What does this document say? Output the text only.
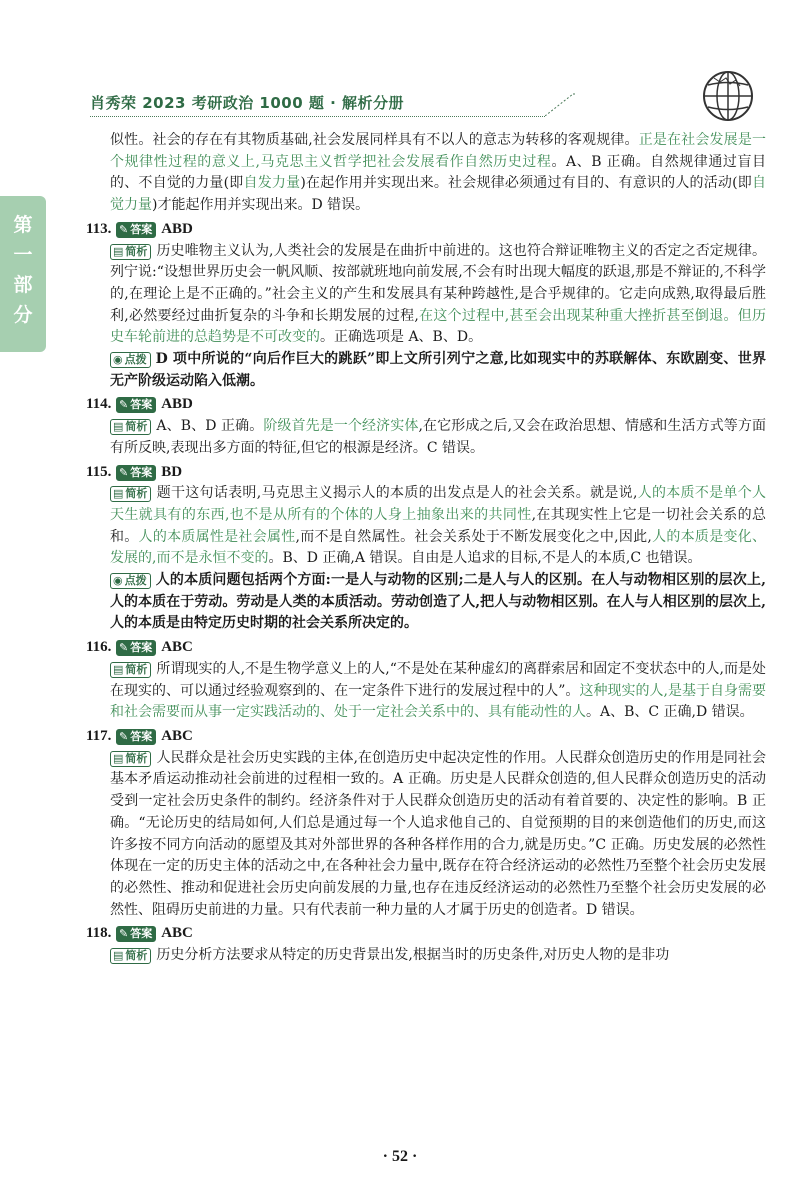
肖秀荣 2023 考研政治 1000 题 · 解析分册
第一部分

似性。社会的存在有其物质基础,社会发展同样具有不以人的意志为转移的客观规律。正是在社会发展是一个规律性过程的意义上,马克思主义哲学把社会发展看作自然历史过程。A、B 正确。自然规律通过盲目的、不自觉的力量(即自发力量)在起作用并实现出来。社会规律必须通过有目的、有意识的人的活动(即自觉力量)才能起作用并实现出来。D 错误。

113. ✎ 答案 ABD

▤ 简析 历史唯物主义认为,人类社会的发展是在曲折中前进的。这也符合辩证唯物主义的否定之否定规律。列宁说:“设想世界历史会一帆风顺、按部就班地向前发展,不会有时出现大幅度的跃退,那是不辩证的,不科学的,在理论上是不正确的。”社会主义的产生和发展具有某种跨越性,是合乎规律的。它走向成熟,取得最后胜利,必然要经过曲折复杂的斗争和长期发展的过程,在这个过程中,甚至会出现某种重大挫折甚至倒退。但历史车轮前进的总趋势是不可改变的。正确选项是 A、B、D。

◉ 点拨 D 项中所说的“向后作巨大的跳跃”即上文所引列宁之意,比如现实中的苏联解体、东欧剧变、世界无产阶级运动陷入低潮。

114. ✎ 答案 ABD

▤ 简析 A、B、D 正确。阶级首先是一个经济实体,在它形成之后,又会在政治思想、情感和生活方式等方面有所反映,表现出多方面的特征,但它的根源是经济。C 错误。

115. ✎ 答案 BD

▤ 简析 题干这句话表明,马克思主义揭示人的本质的出发点是人的社会关系。就是说,人的本质不是单个人天生就具有的东西,也不是从所有的个体的人身上抽象出来的共同性,在其现实性上它是一切社会关系的总和。人的本质属性是社会属性,而不是自然属性。社会关系处于不断发展变化之中,因此,人的本质是变化、发展的,而不是永恒不变的。B、D 正确,A 错误。自由是人追求的目标,不是人的本质,C 也错误。

◉ 点拨 人的本质问题包括两个方面:一是人与动物的区别;二是人与人的区别。在人与动物相区别的层次上,人的本质在于劳动。劳动是人类的本质活动。劳动创造了人,把人与动物相区别。在人与人相区别的层次上,人的本质是由特定历史时期的社会关系所决定的。

116. ✎ 答案 ABC

▤ 简析 所谓现实的人,不是生物学意义上的人,“不是处在某种虚幻的离群索居和固定不变状态中的人,而是处在现实的、可以通过经验观察到的、在一定条件下进行的发展过程中的人”。这种现实的人,是基于自身需要和社会需要而从事一定实践活动的、处于一定社会关系中的、具有能动性的人。A、B、C 正确,D 错误。

117. ✎ 答案 ABC

▤ 简析 人民群众是社会历史实践的主体,在创造历史中起决定性的作用。人民群众创造历史的作用是同社会基本矛盾运动推动社会前进的过程相一致的。A 正确。历史是人民群众创造的,但人民群众创造历史的活动受到一定社会历史条件的制约。经济条件对于人民群众创造历史的活动有着首要的、决定性的影响。B 正确。“无论历史的结局如何,人们总是通过每一个人追求他自己的、自觉预期的目的来创造他们的历史,而这许多按不同方向活动的愿望及其对外部世界的各种各样作用的合力,就是历史。”C 正确。历史发展的必然性体现在一定的历史主体的活动之中,在各种社会力量中,既存在符合经济运动的必然性乃至整个社会历史发展的必然性、推动和促进社会历史向前发展的力量,也存在违反经济运动的必然性乃至整个社会历史发展的必然性、阻碍历史前进的力量。只有代表前一种力量的人才属于历史的创造者。D 错误。

118. ✎ 答案 ABC

▤ 简析 历史分析方法要求从特定的历史背景出发,根据当时的历史条件,对历史人物的是非功

· 52 ·
